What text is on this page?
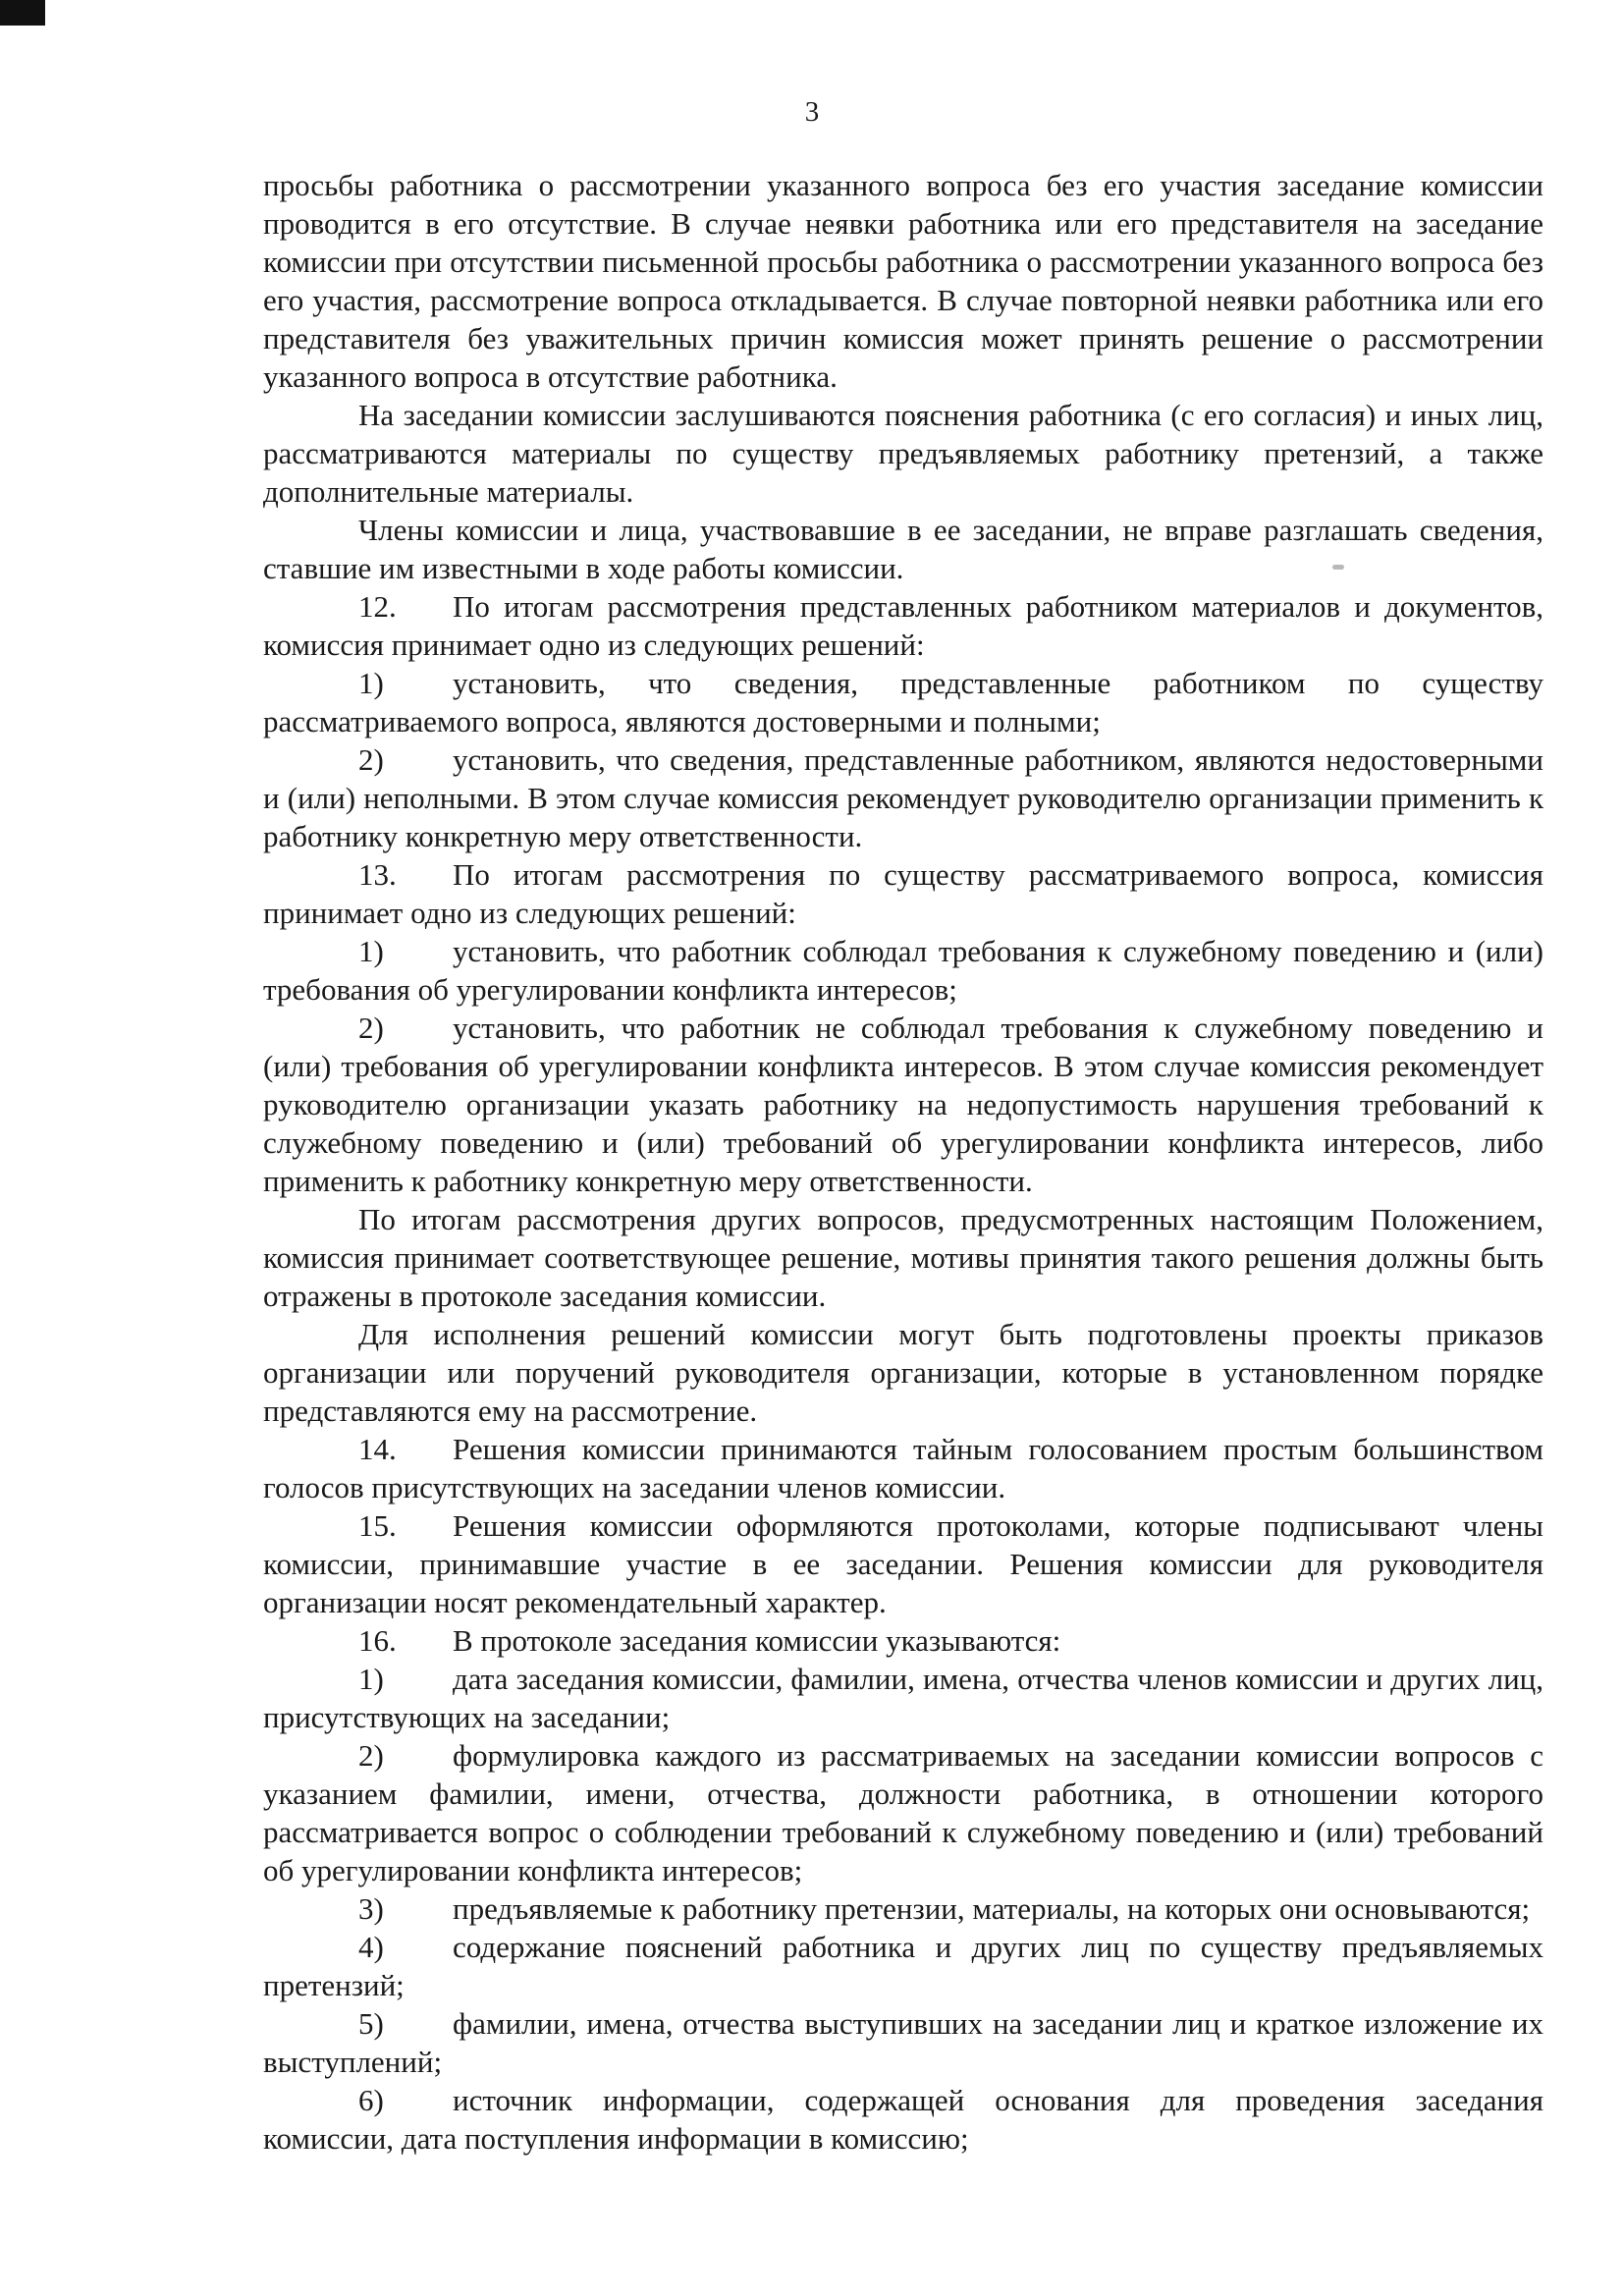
3

просьбы работника о рассмотрении указанного вопроса без его участия заседание комиссии проводится в его отсутствие. В случае неявки работника или его представителя на заседание комиссии при отсутствии письменной просьбы работника о рассмотрении указанного вопроса без его участия, рассмотрение вопроса откладывается. В случае повторной неявки работника или его представителя без уважительных причин комиссия может принять решение о рассмотрении указанного вопроса в отсутствие работника.

На заседании комиссии заслушиваются пояснения работника (с его согласия) и иных лиц, рассматриваются материалы по существу предъявляемых работнику претензий, а также дополнительные материалы.

Члены комиссии и лица, участвовавшие в ее заседании, не вправе разглашать сведения, ставшие им известными в ходе работы комиссии.

12. По итогам рассмотрения представленных работником материалов и документов, комиссия принимает одно из следующих решений:

1) установить, что сведения, представленные работником по существу рассматриваемого вопроса, являются достоверными и полными;

2) установить, что сведения, представленные работником, являются недостоверными и (или) неполными. В этом случае комиссия рекомендует руководителю организации применить к работнику конкретную меру ответственности.

13. По итогам рассмотрения по существу рассматриваемого вопроса, комиссия принимает одно из следующих решений:

1) установить, что работник соблюдал требования к служебному поведению и (или) требования об урегулировании конфликта интересов;

2) установить, что работник не соблюдал требования к служебному поведению и (или) требования об урегулировании конфликта интересов. В этом случае комиссия рекомендует руководителю организации указать работнику на недопустимость нарушения требований к служебному поведению и (или) требований об урегулировании конфликта интересов, либо применить к работнику конкретную меру ответственности.

По итогам рассмотрения других вопросов, предусмотренных настоящим Положением, комиссия принимает соответствующее решение, мотивы принятия такого решения должны быть отражены в протоколе заседания комиссии.

Для исполнения решений комиссии могут быть подготовлены проекты приказов организации или поручений руководителя организации, которые в установленном порядке представляются ему на рассмотрение.

14. Решения комиссии принимаются тайным голосованием простым большинством голосов присутствующих на заседании членов комиссии.

15. Решения комиссии оформляются протоколами, которые подписывают члены комиссии, принимавшие участие в ее заседании. Решения комиссии для руководителя организации носят рекомендательный характер.

16. В протоколе заседания комиссии указываются:

1) дата заседания комиссии, фамилии, имена, отчества членов комиссии и других лиц, присутствующих на заседании;

2) формулировка каждого из рассматриваемых на заседании комиссии вопросов с указанием фамилии, имени, отчества, должности работника, в отношении которого рассматривается вопрос о соблюдении требований к служебному поведению и (или) требований об урегулировании конфликта интересов;

3) предъявляемые к работнику претензии, материалы, на которых они основываются;

4) содержание пояснений работника и других лиц по существу предъявляемых претензий;

5) фамилии, имена, отчества выступивших на заседании лиц и краткое изложение их выступлений;

6) источник информации, содержащей основания для проведения заседания комиссии, дата поступления информации в комиссию;
